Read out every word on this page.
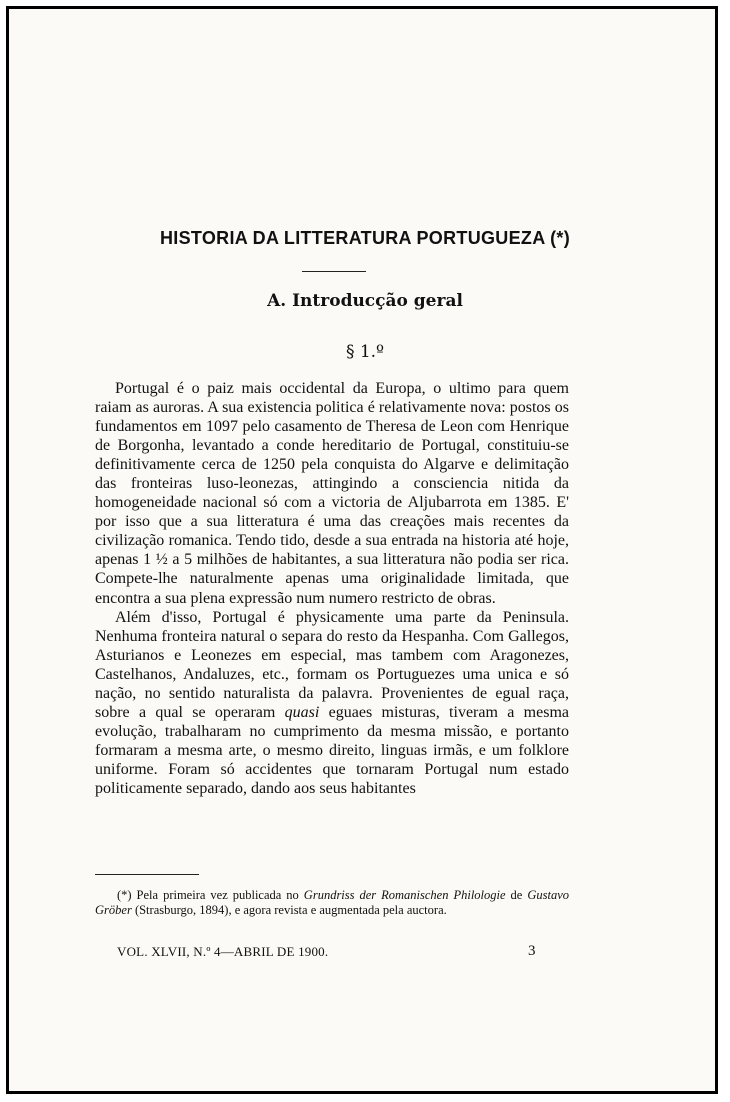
HISTORIA DA LITTERATURA PORTUGUEZA (*)
A. Introducção geral
§ 1.º

Portugal é o paiz mais occidental da Europa, o ultimo para quem raiam as auroras. A sua existencia politica é relativamente nova: postos os fundamentos em 1097 pelo casamento de Theresa de Leon com Henrique de Borgonha, levantado a conde hereditario de Portugal, constituiu-se definitivamente cerca de 1250 pela conquista do Algarve e delimitação das fronteiras luso-leonezas, attingindo a consciencia nitida da homogeneidade nacional só com a victoria de Aljubarrota em 1385. E' por isso que a sua litteratura é uma das creações mais recentes da civilização romanica. Tendo tido, desde a sua entrada na historia até hoje, apenas 1 ½ a 5 milhões de habitantes, a sua litteratura não podia ser rica. Compete-lhe naturalmente apenas uma originalidade limitada, que encontra a sua plena expressão num numero restricto de obras.

Além d'isso, Portugal é physicamente uma parte da Peninsula. Nenhuma fronteira natural o separa do resto da Hespanha. Com Gallegos, Asturianos e Leonezes em especial, mas tambem com Aragonezes, Castelhanos, Andaluzes, etc., formam os Portuguezes uma unica e só nação, no sentido naturalista da palavra. Provenientes de egual raça, sobre a qual se operaram quasi eguaes misturas, tiveram a mesma evolução, trabalharam no cumprimento da mesma missão, e portanto formaram a mesma arte, o mesmo direito, linguas irmãs, e um folklore uniforme. Foram só accidentes que tornaram Portugal num estado politicamente separado, dando aos seus habitantes

(*) Pela primeira vez publicada no Grundriss der Romanischen Philologie de Gustavo Gröber (Strasburgo, 1894), e agora revista e augmentada pela auctora.

VOL. XLVII, N.º 4—ABRIL DE 1900.	3
